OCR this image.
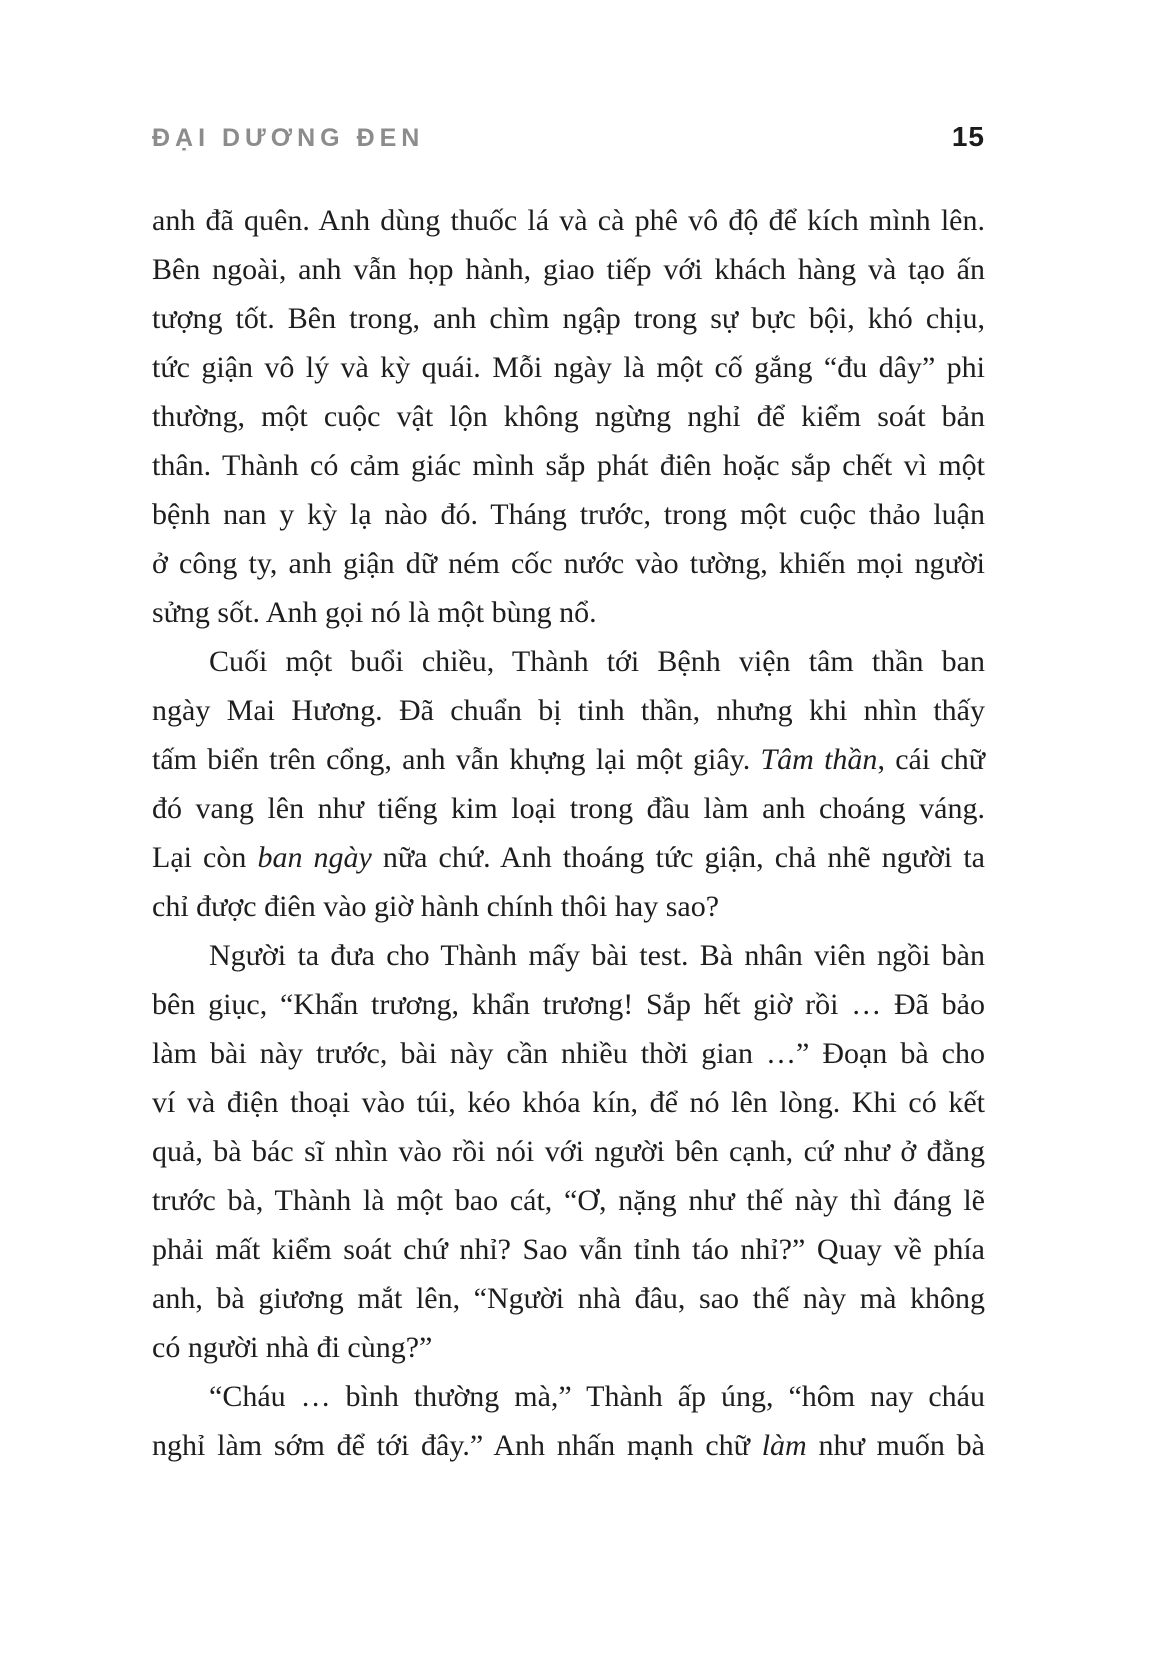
ĐẠI DƯƠNG ĐEN	15
anh đã quên. Anh dùng thuốc lá và cà phê vô độ để kích mình lên.
Bên ngoài, anh vẫn họp hành, giao tiếp với khách hàng và tạo ấn
tượng tốt. Bên trong, anh chìm ngập trong sự bực bội, khó chịu,
tức giận vô lý và kỳ quái. Mỗi ngày là một cố gắng “đu dây” phi
thường, một cuộc vật lộn không ngừng nghỉ để kiểm soát bản
thân. Thành có cảm giác mình sắp phát điên hoặc sắp chết vì một
bệnh nan y kỳ lạ nào đó. Tháng trước, trong một cuộc thảo luận
ở công ty, anh giận dữ ném cốc nước vào tường, khiến mọi người
sửng sốt. Anh gọi nó là một bùng nổ.
Cuối một buổi chiều, Thành tới Bệnh viện tâm thần ban
ngày Mai Hương. Đã chuẩn bị tinh thần, nhưng khi nhìn thấy
tấm biển trên cổng, anh vẫn khựng lại một giây. Tâm thần, cái chữ
đó vang lên như tiếng kim loại trong đầu làm anh choáng váng.
Lại còn ban ngày nữa chứ. Anh thoáng tức giận, chả nhẽ người ta
chỉ được điên vào giờ hành chính thôi hay sao?
Người ta đưa cho Thành mấy bài test. Bà nhân viên ngồi bàn
bên giục, “Khẩn trương, khẩn trương! Sắp hết giờ rồi … Đã bảo
làm bài này trước, bài này cần nhiều thời gian …” Đoạn bà cho
ví và điện thoại vào túi, kéo khóa kín, để nó lên lòng. Khi có kết
quả, bà bác sĩ nhìn vào rồi nói với người bên cạnh, cứ như ở đằng
trước bà, Thành là một bao cát, “Ơ, nặng như thế này thì đáng lẽ
phải mất kiểm soát chứ nhỉ? Sao vẫn tỉnh táo nhỉ?” Quay về phía
anh, bà giương mắt lên, “Người nhà đâu, sao thế này mà không
có người nhà đi cùng?”
“Cháu … bình thường mà,” Thành ấp úng, “hôm nay cháu
nghỉ làm sớm để tới đây.” Anh nhấn mạnh chữ làm như muốn bà
